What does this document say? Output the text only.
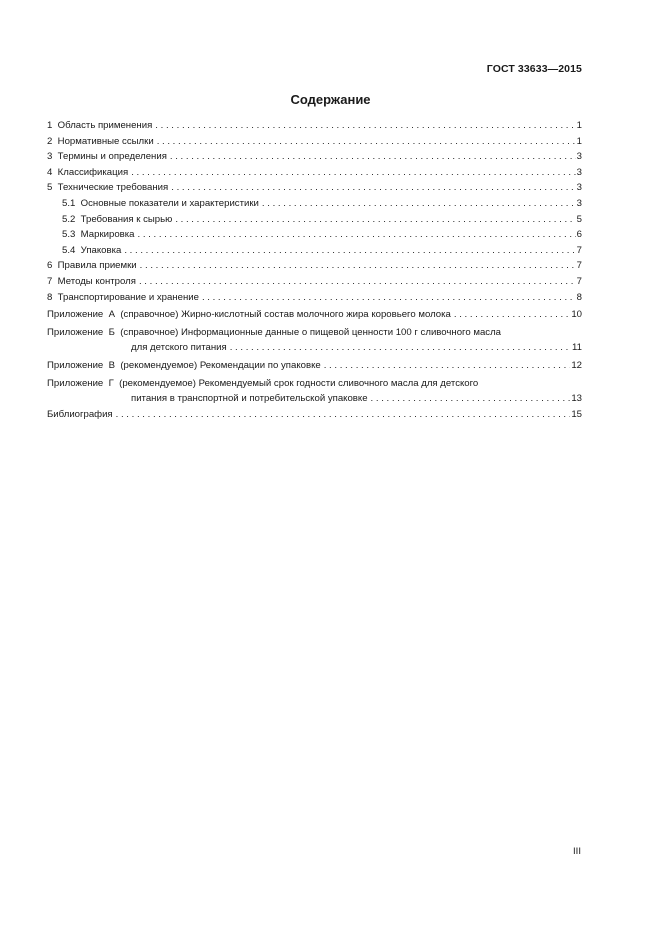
ГОСТ 33633—2015
Содержание
1  Область применения . . .	1
2  Нормативные ссылки . . .	1
3  Термины и определения . . .	3
4  Классификация . . .	3
5  Технические требования . . .	3
5.1  Основные показатели и характеристики . . .	3
5.2  Требования к сырью . . .	5
5.3  Маркировка . . .	6
5.4  Упаковка . . .	7
6  Правила приемки . . .	7
7  Методы контроля . . .	7
8  Транспортирование и хранение . . .	8
Приложение  А  (справочное) Жирно-кислотный состав молочного жира коровьего молока . . .	10
Приложение  Б  (справочное) Информационные данные о пищевой ценности 100 г сливочного масла
для детского питания . . .	11
Приложение  В  (рекомендуемое) Рекомендации по упаковке . . .	12
Приложение  Г  (рекомендуемое) Рекомендуемый срок годности сливочного масла для детского
питания в транспортной и потребительской упаковке . . .	13
Библиография . . .	15
III
